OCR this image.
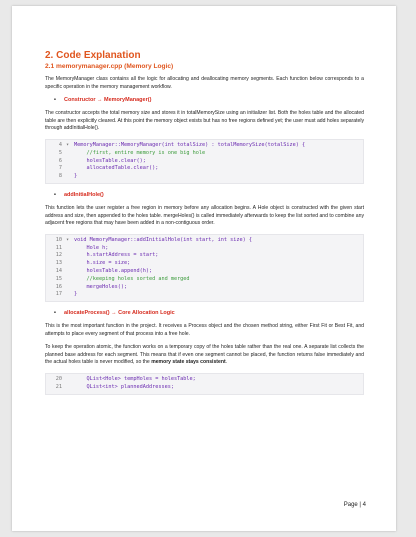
2. Code Explanation
2.1 memorymanager.cpp (Memory Logic)

The MemoryManager class contains all the logic for allocating and deallocating memory segments. Each function below corresponds to a specific operation in the memory management workflow.

• Constructor → MemoryManager()

The constructor accepts the total memory size and stores it in totalMemorySize using an initializer list. Both the holes table and the allocated table are then explicitly cleared. At this point the memory object exists but has no free regions defined yet; the user must add holes separately through addInitialHole().

4 ▾ MemoryManager::MemoryManager(int totalSize) : totalMemorySize(totalSize) {
5	//first, entire memory is one big hole
6	holesTable.clear();
7	allocatedTable.clear();
8	}
• addInitialHole()

This function lets the user register a free region in memory before any allocation begins. A Hole object is constructed with the given start address and size, then appended to the holes table. mergeHoles() is called immediately afterwards to keep the list sorted and to combine any adjacent free regions that may have been added in a non-contiguous order.

10 ▾ void MemoryManager::addInitialHole(int start, int size) {
11	Hole h;
12	h.startAddress = start;
13	h.size = size;
14	holesTable.append(h);
15	//keeping holes sorted and merged
16	mergeHoles();
17	}
• allocateProcess() → Core Allocation Logic

This is the most important function in the project. It receives a Process object and the chosen method string, either First Fit or Best Fit, and attempts to place every segment of that process into a free hole.

To keep the operation atomic, the function works on a temporary copy of the holes table rather than the real one. A separate list collects the planned base address for each segment. This means that if even one segment cannot be placed, the function returns false immediately and the actual holes table is never modified, so the memory state stays consistent.

20	QList<Hole> tempHoles = holesTable;
21	QList<int> plannedAddresses;
Page | 4
